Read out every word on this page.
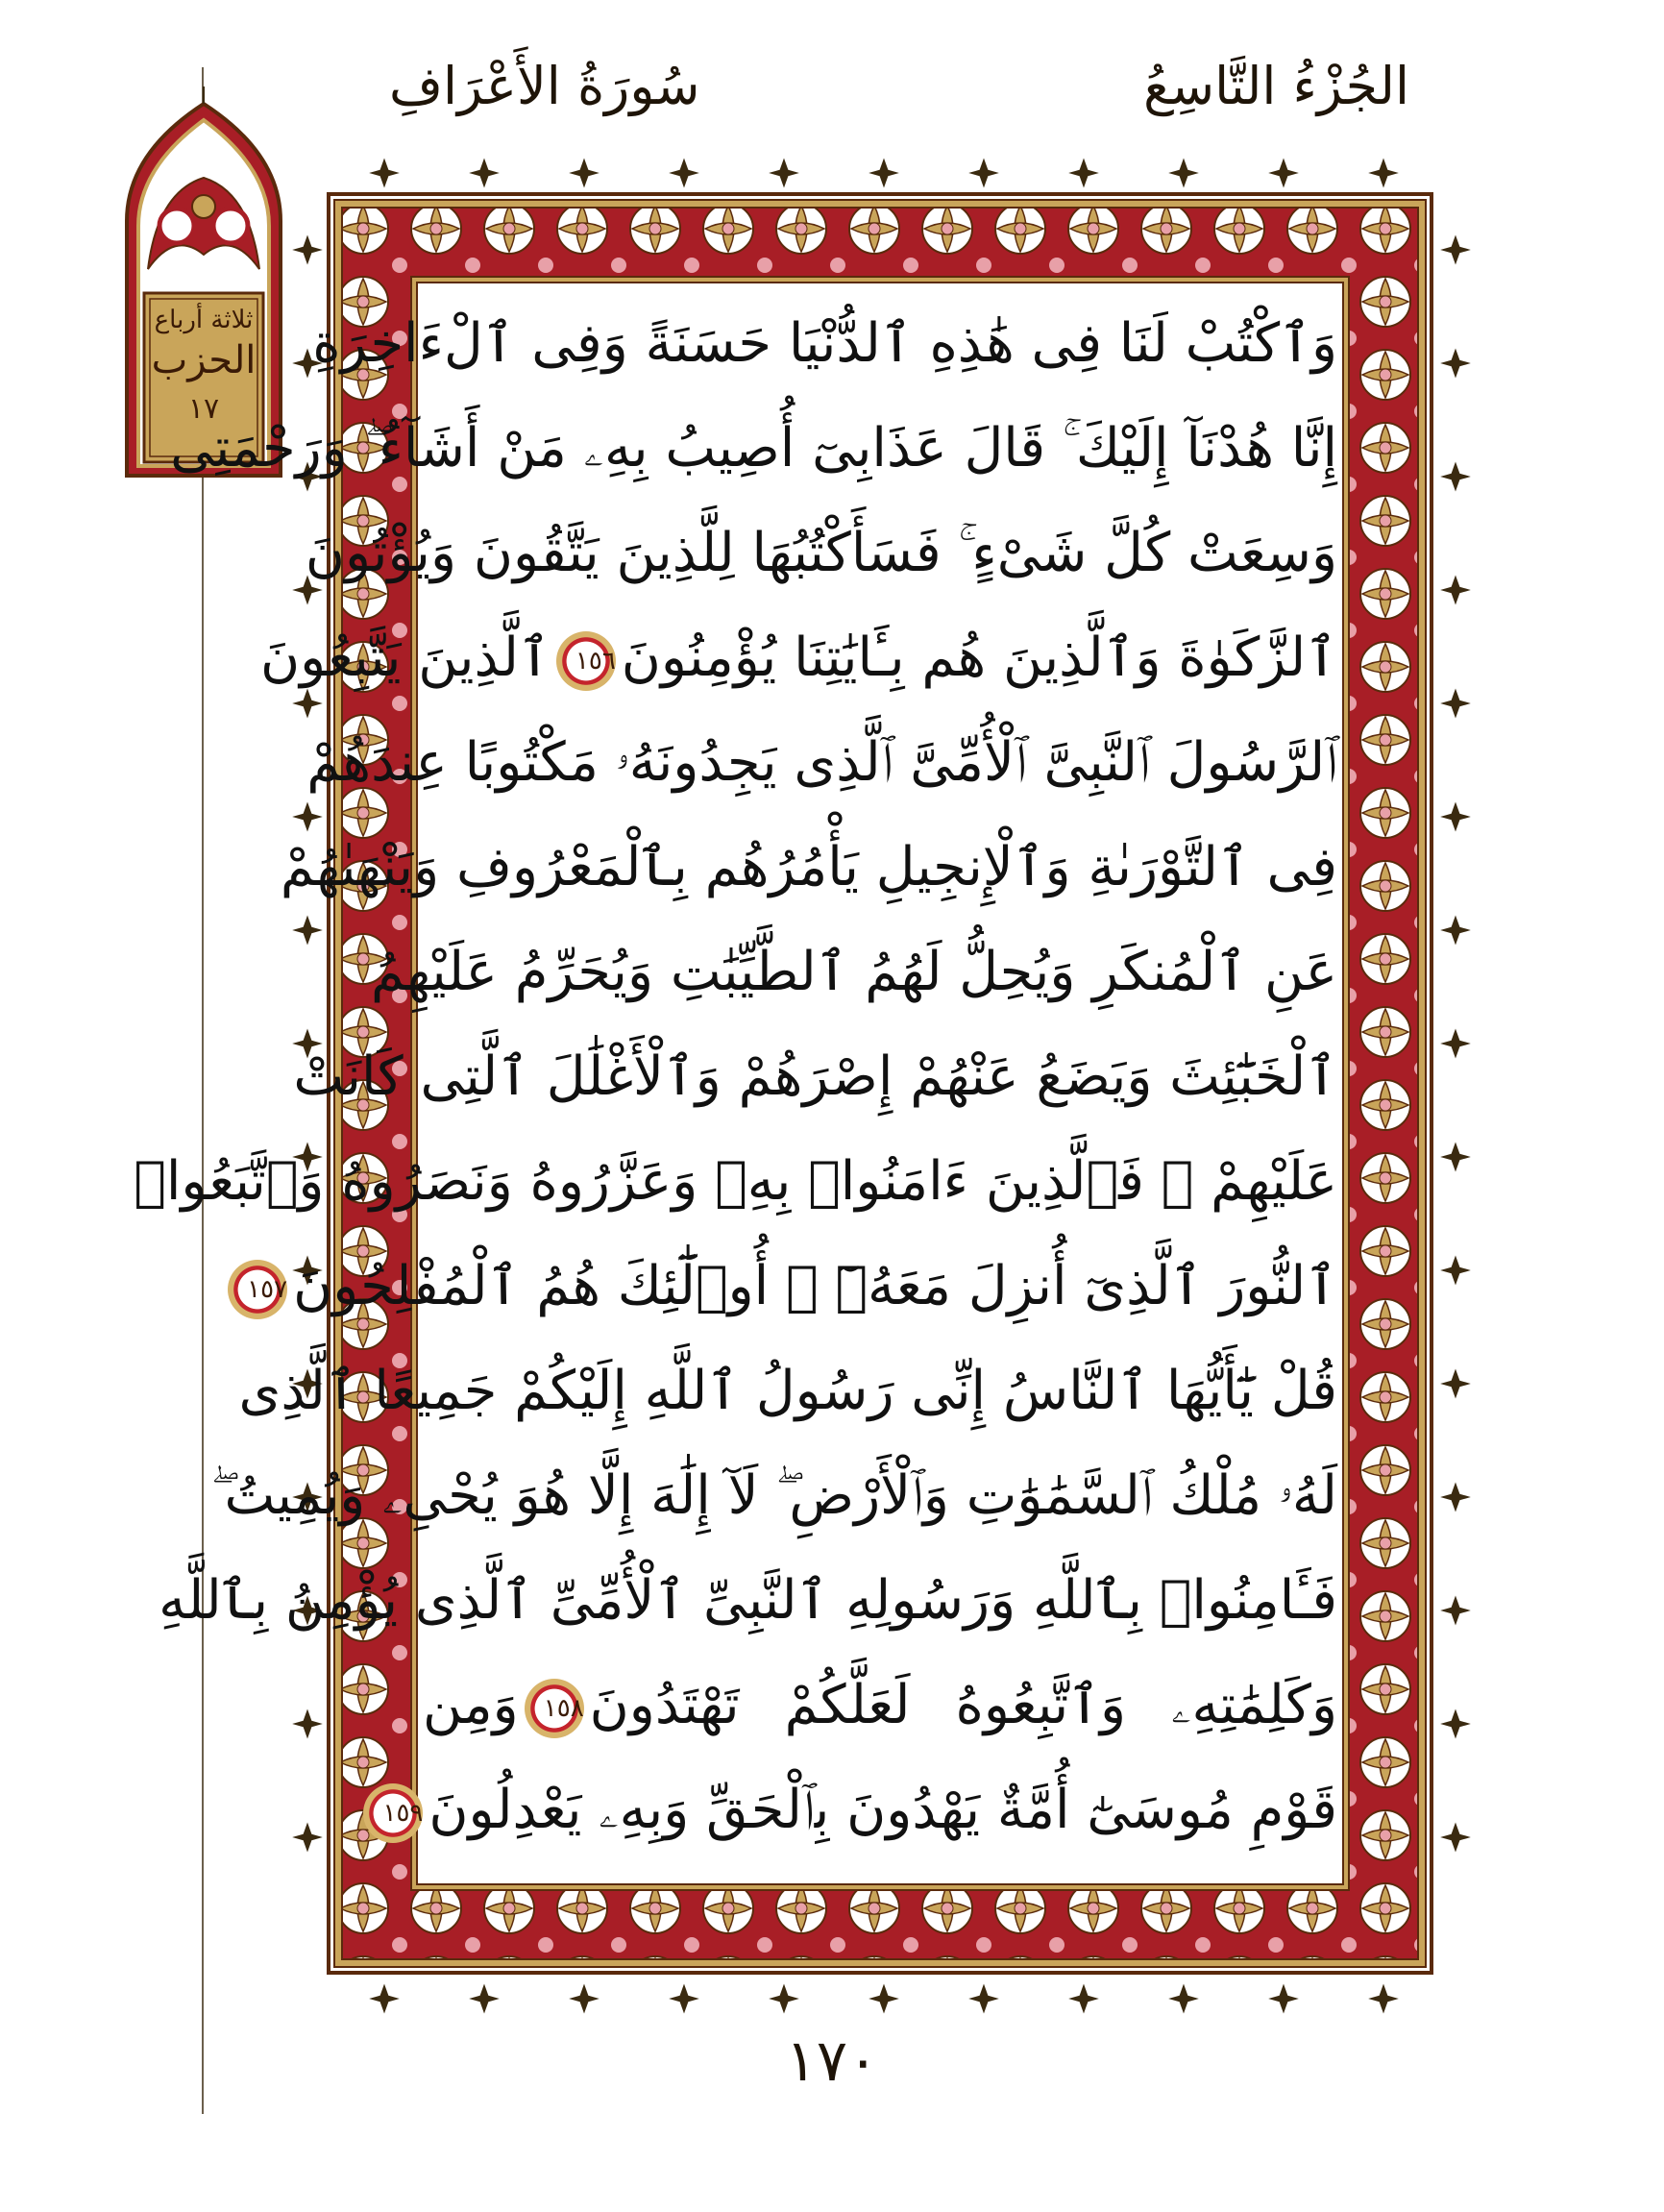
الجُزْءُ التَّاسِعُ
سُورَةُ الأَعْرَافِ
ثلاثة أرباع
الحزب
١٧
وَٱكْتُبْ لَنَا فِى هَٰذِهِ ٱلدُّنْيَا حَسَنَةً وَفِى ٱلْءَاخِرَةِ
إِنَّا هُدْنَآ إِلَيْكَ ۚ قَالَ عَذَابِىٓ أُصِيبُ بِهِۦ مَنْ أَشَآءُ ۖ وَرَحْمَتِى
وَسِعَتْ كُلَّ شَىْءٍ ۚ فَسَأَكْتُبُهَا لِلَّذِينَ يَتَّقُونَ وَيُؤْتُونَ
ٱلزَّكَوٰةَ وَٱلَّذِينَ هُم بِـَٔايَٰتِنَا يُؤْمِنُونَ١٥٦ٱلَّذِينَ يَتَّبِعُونَ
ٱلرَّسُولَ ٱلنَّبِىَّ ٱلْأُمِّىَّ ٱلَّذِى يَجِدُونَهُۥ مَكْتُوبًا عِندَهُمْ
فِى ٱلتَّوْرَىٰةِ وَٱلْإِنجِيلِ يَأْمُرُهُم بِٱلْمَعْرُوفِ وَيَنْهَىٰهُمْ
عَنِ ٱلْمُنكَرِ وَيُحِلُّ لَهُمُ ٱلطَّيِّبَٰتِ وَيُحَرِّمُ عَلَيْهِمُ
ٱلْخَبَٰٓئِثَ وَيَضَعُ عَنْهُمْ إِصْرَهُمْ وَٱلْأَغْلَٰلَ ٱلَّتِى كَانَتْ
عَلَيْهِمْ ۚ فَٱلَّذِينَ ءَامَنُوا۟ بِهِۦ وَعَزَّرُوهُ وَنَصَرُوهُ وَٱتَّبَعُوا۟
ٱلنُّورَ ٱلَّذِىٓ أُنزِلَ مَعَهُۥٓ ۙ أُو۟لَٰٓئِكَ هُمُ ٱلْمُفْلِحُونَ١٥٧
قُلْ يَٰٓأَيُّهَا ٱلنَّاسُ إِنِّى رَسُولُ ٱللَّهِ إِلَيْكُمْ جَمِيعًا ٱلَّذِى
لَهُۥ مُلْكُ ٱلسَّمَٰوَٰتِ وَٱلْأَرْضِ ۖ لَآ إِلَٰهَ إِلَّا هُوَ يُحْىِۦ وَيُمِيتُ ۖ
فَـَٔامِنُوا۟ بِٱللَّهِ وَرَسُولِهِ ٱلنَّبِىِّ ٱلْأُمِّىِّ ٱلَّذِى يُؤْمِنُ بِٱللَّهِ
وَكَلِمَٰتِهِۦ وَٱتَّبِعُوهُ لَعَلَّكُمْ تَهْتَدُونَ١٥٨وَمِن
قَوْمِ مُوسَىٰٓ أُمَّةٌ يَهْدُونَ بِٱلْحَقِّ وَبِهِۦ يَعْدِلُونَ١٥٩
١٧٠
